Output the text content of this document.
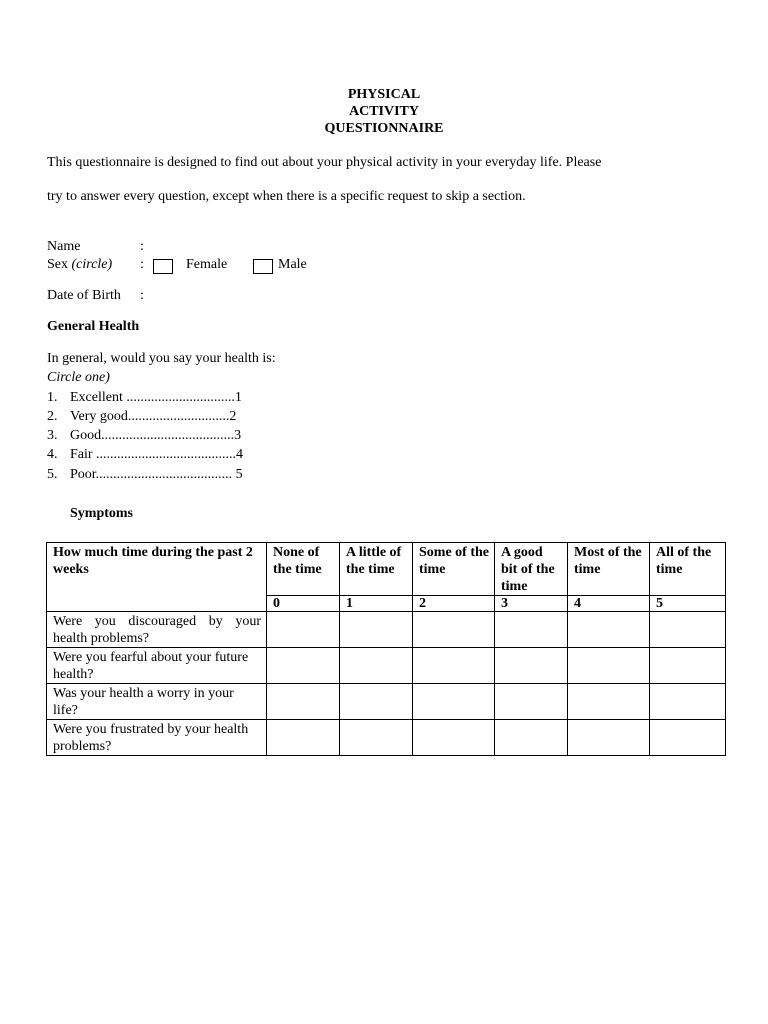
PHYSICAL
ACTIVITY
QUESTIONNAIRE
This questionnaire is designed to find out about your physical activity in your everyday life. Please
try to answer every question, except when there is a specific request to skip a section.
Name	:
Sex (circle) :	Female	Male
Date of Birth :
General Health
In general, would you say your health is:
Circle one)
1. Excellent ...............................1
2. Very good.............................2
3. Good......................................3
4. Fair ........................................4
5. Poor....................................... 5
Symptoms
How much time during the past 2 weeks	None of the time	A little of the time	Some of the time	A good bit of the time	Most of the time	All of the time
	0	1	2	3	4	5
Were you discouraged by your health problems?						
Were you fearful about your future health?						
Was your health a worry in your life?						
Were you frustrated by your health problems?						
